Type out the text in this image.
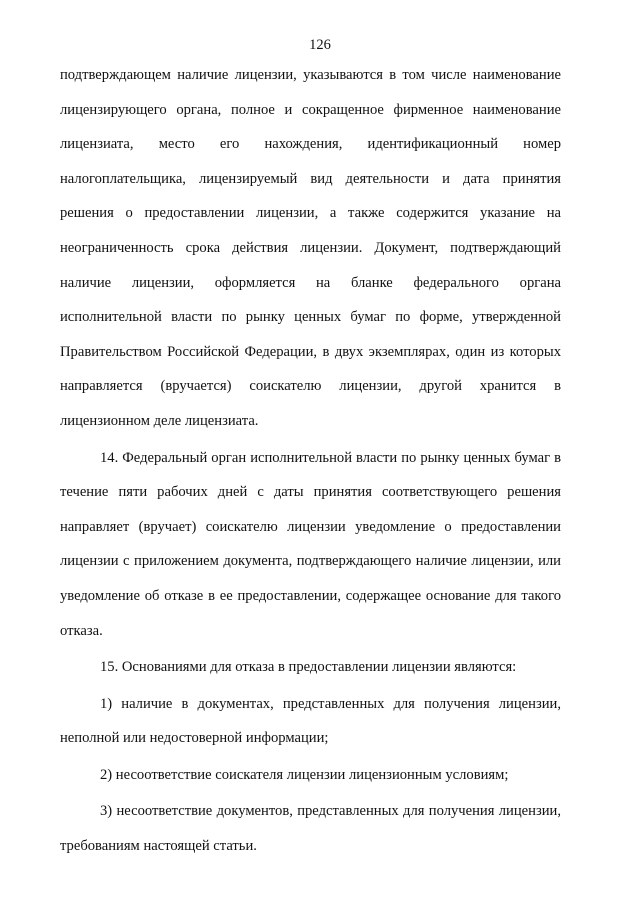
126

подтверждающем наличие лицензии, указываются в том числе наименование лицензирующего органа, полное и сокращенное фирменное наименование лицензиата, место его нахождения, идентификационный номер налогоплательщика, лицензируемый вид деятельности и дата принятия решения о предоставлении лицензии, а также содержится указание на неограниченность срока действия лицензии. Документ, подтверждающий наличие лицензии, оформляется на бланке федерального органа исполнительной власти по рынку ценных бумаг по форме, утвержденной Правительством Российской Федерации, в двух экземплярах, один из которых направляется (вручается) соискателю лицензии, другой хранится в лицензионном деле лицензиата.

14. Федеральный орган исполнительной власти по рынку ценных бумаг в течение пяти рабочих дней с даты принятия соответствующего решения направляет (вручает) соискателю лицензии уведомление о предоставлении лицензии с приложением документа, подтверждающего наличие лицензии, или уведомление об отказе в ее предоставлении, содержащее основание для такого отказа.

15. Основаниями для отказа в предоставлении лицензии являются:

1) наличие в документах, представленных для получения лицензии, неполной или недостоверной информации;

2) несоответствие соискателя лицензии лицензионным условиям;

3) несоответствие документов, представленных для получения лицензии, требованиям настоящей статьи.
